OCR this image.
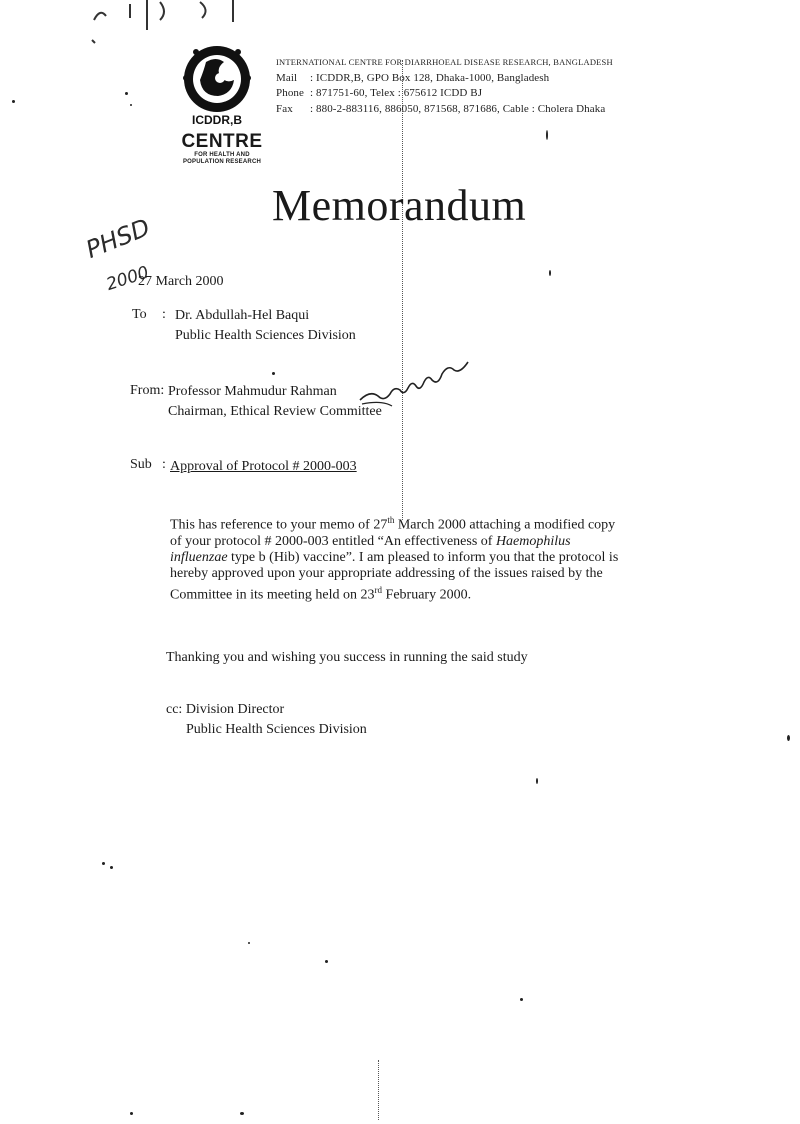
ICDDR,B
CENTRE
FOR HEALTH AND
POPULATION RESEARCH
INTERNATIONAL CENTRE FOR DIARRHOEAL DISEASE RESEARCH, BANGLADESH
Mail : ICDDR,B, GPO Box 128, Dhaka-1000, Bangladesh
Phone : 871751-60, Telex : 675612 ICDD BJ
Fax : 880-2-883116, 886050, 871568, 871686, Cable : Cholera Dhaka
Memorandum
PHSD
2000
27 March 2000
To : Dr. Abdullah-Hel Baqui
Public Health Sciences Division
From: Professor Mahmudur Rahman
Chairman, Ethical Review Committee
Sub : Approval of Protocol # 2000-003
This has reference to your memo of 27th March 2000 attaching a modified copy of your protocol # 2000-003 entitled “An effectiveness of Haemophilus influenzae type b (Hib) vaccine”. I am pleased to inform you that the protocol is hereby approved upon your appropriate addressing of the issues raised by the Committee in its meeting held on 23rd February 2000.
Thanking you and wishing you success in running the said study
cc: Division Director
Public Health Sciences Division
